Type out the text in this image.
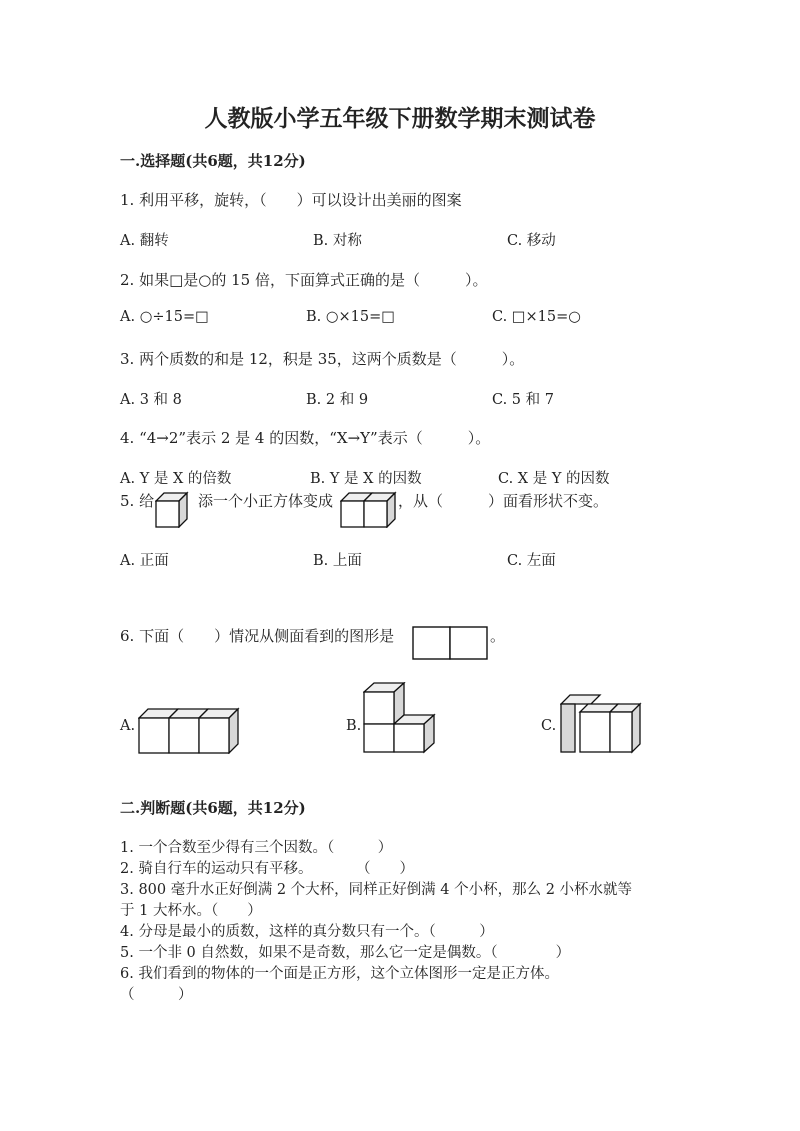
人教版小学五年级下册数学期末测试卷
一.选择题(共6题，共12分)
1. 利用平移，旋转，（　　）可以设计出美丽的图案
A. 翻转	B. 对称	C. 移动
2. 如果□是○的 15 倍，下面算式正确的是（　　　）。
A. ○÷15=□	B. ○×15=□	C. □×15=○
3. 两个质数的和是 12，积是 35，这两个质数是（　　　）。
A. 3 和 8	B. 2 和 9	C. 5 和 7
4. “4→2”表示 2 是 4 的因数，“X→Y”表示（　　　）。
A. Y 是 X 的倍数	B. Y 是 X 的因数	C. X 是 Y 的因数
5. 给	添一个小正方体变成	，从（　　　）面看形状不变。
A. 正面	B. 上面	C. 左面
6. 下面（　　）情况从侧面看到的图形是	。
A.	B.	C.
二.判断题(共6题，共12分)
1. 一个合数至少得有三个因数。（　　　）
2. 骑自行车的运动只有平移。　　　　（　　）
3. 800 毫升水正好倒满 2 个大杯，同样正好倒满 4 个小杯，那么 2 小杯水就等
于 1 大杯水。（　　）
4. 分母是最小的质数，这样的真分数只有一个。（　　　）
5. 一个非 0 自然数，如果不是奇数，那么它一定是偶数。（　　　　）
6. 我们看到的物体的一个面是正方形，这个立体图形一定是正方体。
（　　　）
